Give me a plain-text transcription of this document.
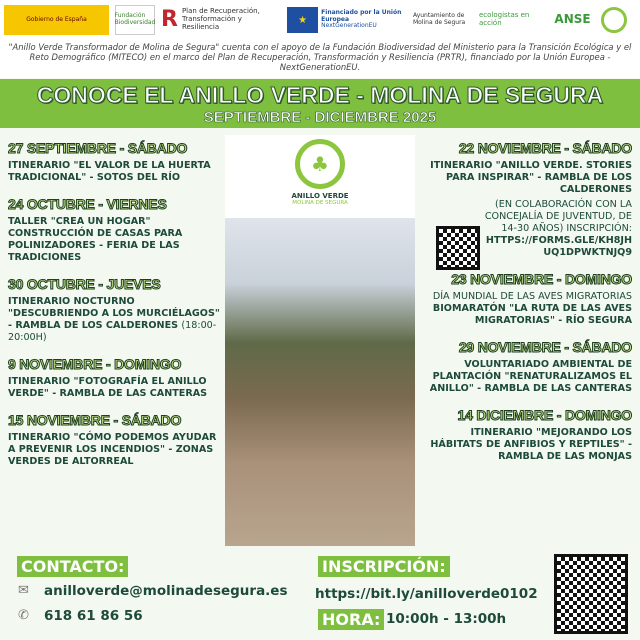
Gobierno de España	Fundación Biodiversidad R Plan de Recuperación, Transformación y Resiliencia
★
Financiado por la Unión Europea
NextGenerationEU
Ayuntamiento de Molina de Segura
ecologistas en acción	ANSE
"Anillo Verde Transformador de Molina de Segura" cuenta con el apoyo de la Fundación Biodiversidad del Ministerio para la Transición Ecológica y el Reto Demográfico (MITECO) en el marco del Plan de Recuperación, Transformación y Resiliencia (PRTR), financiado por la Unión Europea - NextGenerationEU.
CONOCE EL ANILLO VERDE - MOLINA DE SEGURA
SEPTIEMBRE - DICIEMBRE 2025
27 SEPTIEMBRE - SÁBADO
ITINERARIO "EL VALOR DE LA HUERTA TRADICIONAL" - SOTOS DEL RÍO
24 OCTUBRE - VIERNES
TALLER "CREA UN HOGAR" CONSTRUCCIÓN DE CASAS PARA POLINIZADORES - FERIA DE LAS TRADICIONES
30 OCTUBRE - JUEVES
ITINERARIO NOCTURNO "DESCUBRIENDO A LOS MURCIÉLAGOS" - RAMBLA DE LOS CALDERONES (18:00-20:00H)
9 NOVIEMBRE - DOMINGO
ITINERARIO "FOTOGRAFÍA EL ANILLO VERDE" - RAMBLA DE LAS CANTERAS
15 NOVIEMBRE - SÁBADO
ITINERARIO "CÓMO PODEMOS AYUDAR A PREVENIR LOS INCENDIOS" - ZONAS VERDES DE ALTORREAL
♣
ANILLO VERDE
MOLINA DE SEGURA
22 NOVIEMBRE - SÁBADO
ITINERARIO "ANILLO VERDE. STORIES PARA INSPIRAR" - RAMBLA DE LOS CALDERONES
(EN COLABORACIÓN CON LA CONCEJALÍA DE JUVENTUD, DE 14-30 AÑOS) INSCRIPCIÓN:
HTTPS://FORMS.GLE/KH8JHUQ1DPWKTNJQ9
23 NOVIEMBRE - DOMINGO
DÍA MUNDIAL DE LAS AVES MIGRATORIAS
BIOMARATÓN "LA RUTA DE LAS AVES MIGRATORIAS" - RÍO SEGURA
29 NOVIEMBRE - SÁBADO
VOLUNTARIADO AMBIENTAL DE PLANTACIÓN "RENATURALIZAMOS EL ANILLO" - RAMBLA DE LAS CANTERAS
14 DICIEMBRE - DOMINGO
ITINERARIO "MEJORANDO LOS HÁBITATS DE ANFIBIOS Y REPTILES" - RAMBLA DE LAS MONJAS
CONTACTO:
✉ anilloverde@molinadesegura.es
✆ 618 61 86 56
INSCRIPCIÓN:
https://bit.ly/anilloverde0102
HORA: 10:00h - 13:00h
